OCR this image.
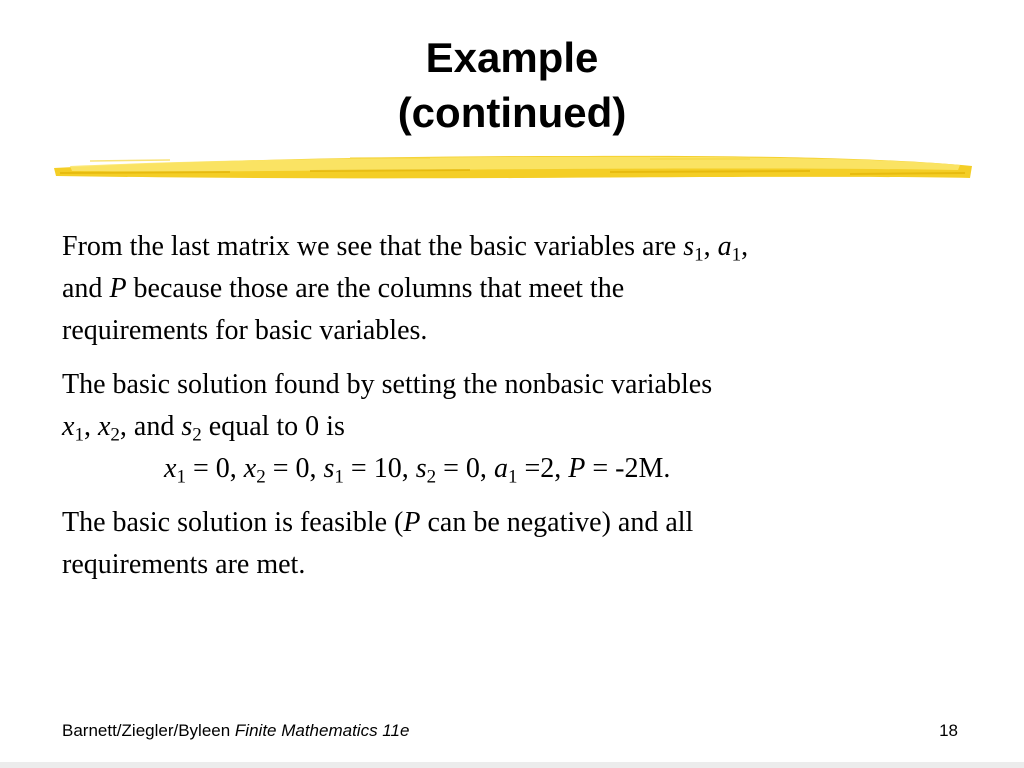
Example
(continued)

From the last matrix we see that the basic variables are $s_1$, $a_1$,
and P because those are the columns that meet the
requirements for basic variables.

The basic solution found by setting the nonbasic variables
$x_1$, $x_2$, and $s_2$ equal to 0 is
$x_1 = 0$, $x_2 = 0$, $s_1 = 10$, $s_2 = 0$, $a_1 =2$, P = -2M.

The basic solution is feasible (P can be negative) and all
requirements are met.

Barnett/Ziegler/Byleen Finite Mathematics 11e	18
